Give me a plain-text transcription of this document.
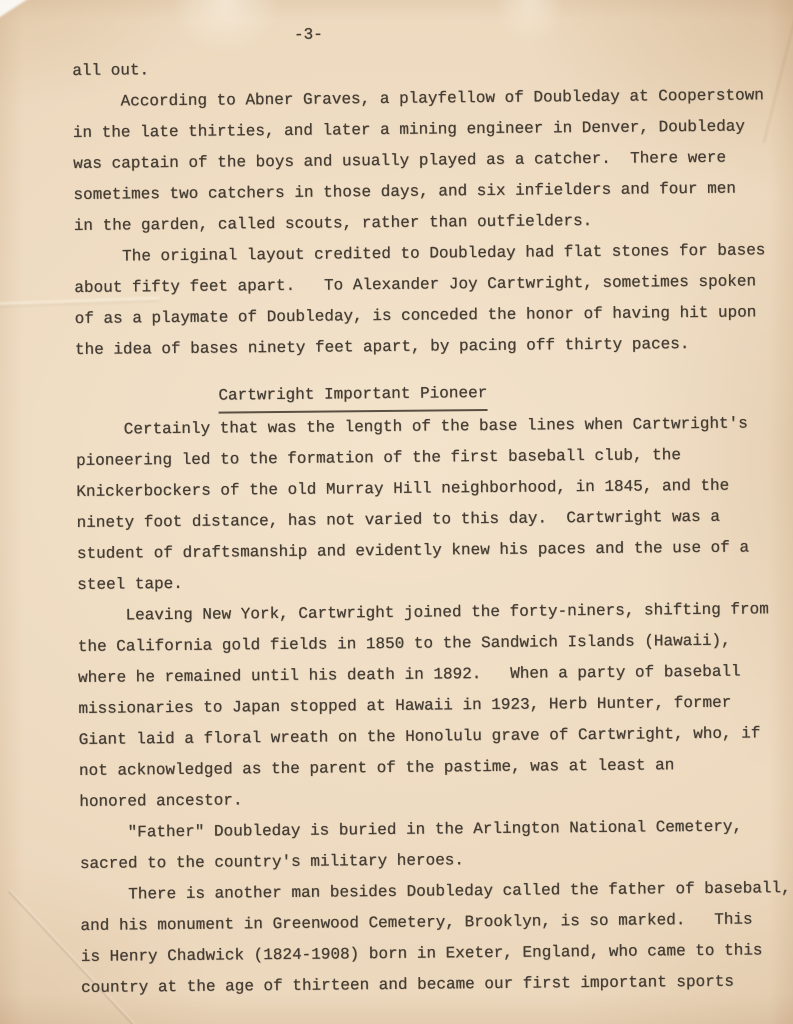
-3-
all out.
According to Abner Graves, a playfellow of Doubleday at Cooperstown
in the late thirties, and later a mining engineer in Denver, Doubleday
was captain of the boys and usually played as a catcher.  There were
sometimes two catchers in those days, and six infielders and four men
in the garden, called scouts, rather than outfielders.
The original layout credited to Doubleday had flat stones for bases
about fifty feet apart.   To Alexander Joy Cartwright, sometimes spoken
of as a playmate of Doubleday, is conceded the honor of having hit upon
the idea of bases ninety feet apart, by pacing off thirty paces.
Cartwright Important Pioneer
Certainly that was the length of the base lines when Cartwright's
pioneering led to the formation of the first baseball club, the
Knickerbockers of the old Murray Hill neighborhood, in 1845, and the
ninety foot distance, has not varied to this day.  Cartwright was a
student of draftsmanship and evidently knew his paces and the use of a
steel tape.
Leaving New York, Cartwright joined the forty-niners, shifting from
the California gold fields in 1850 to the Sandwich Islands (Hawaii),
where he remained until his death in 1892.   When a party of baseball
missionaries to Japan stopped at Hawaii in 1923, Herb Hunter, former
Giant laid a floral wreath on the Honolulu grave of Cartwright, who, if
not acknowledged as the parent of the pastime, was at least an
honored ancestor.
"Father" Doubleday is buried in the Arlington National Cemetery,
sacred to the country's military heroes.
There is another man besides Doubleday called the father of baseball,
and his monument in Greenwood Cemetery, Brooklyn, is so marked.   This
is Henry Chadwick (1824-1908) born in Exeter, England, who came to this
country at the age of thirteen and became our first important sports
